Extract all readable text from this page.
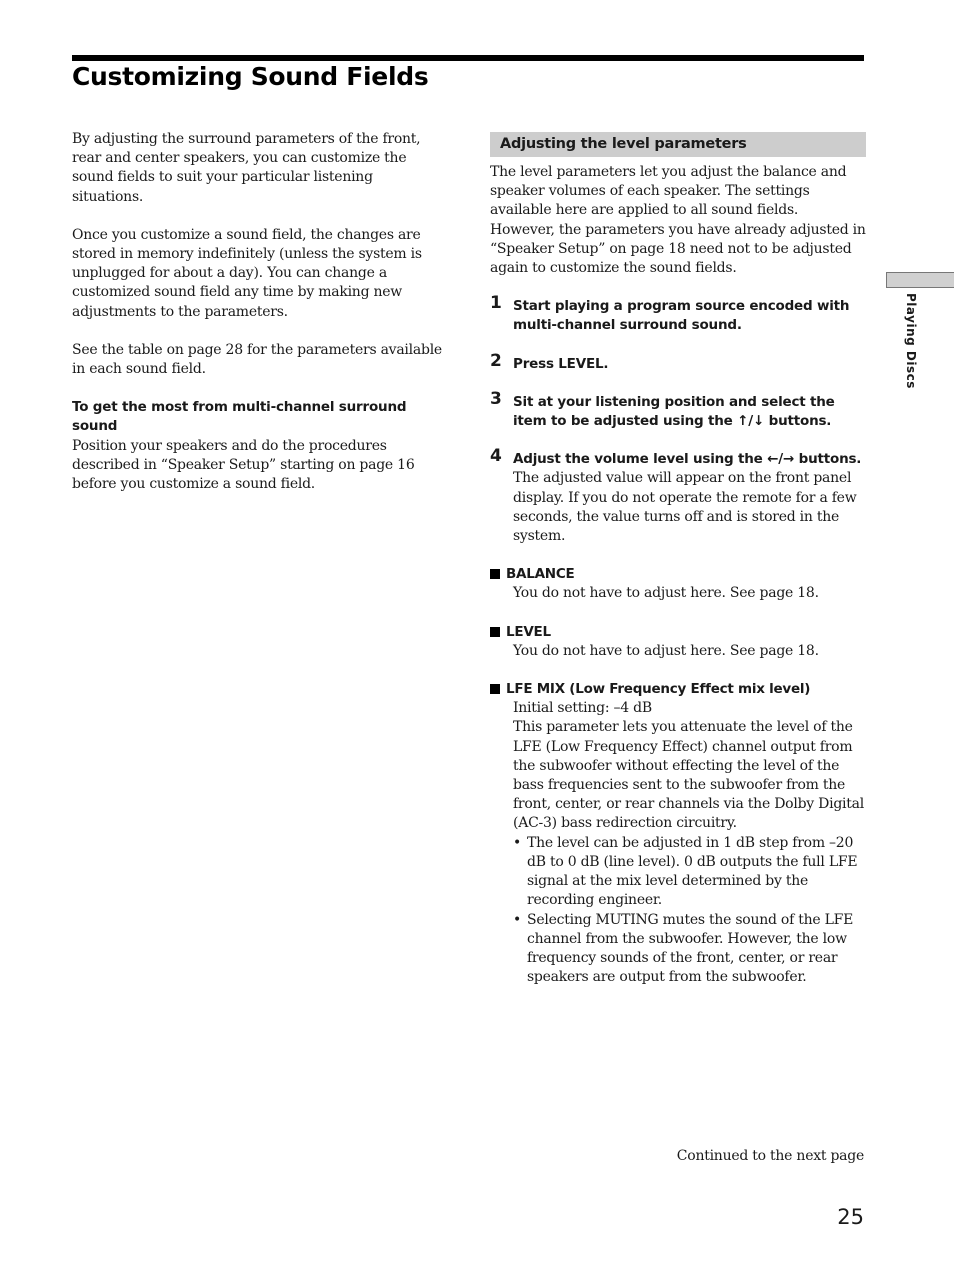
Customizing Sound Fields

By adjusting the surround parameters of the front, rear and center speakers, you can customize the sound fields to suit your particular listening situations.

Once you customize a sound field, the changes are stored in memory indefinitely (unless the system is unplugged for about a day). You can change a customized sound field any time by making new adjustments to the parameters.

See the table on page 28 for the parameters available in each sound field.

To get the most from multi-channel surround sound

Position your speakers and do the procedures described in “Speaker Setup” starting on page 16 before you customize a sound field.

Adjusting the level parameters

The level parameters let you adjust the balance and speaker volumes of each speaker. The settings available here are applied to all sound fields.

However, the parameters you have already adjusted in “Speaker Setup” on page 18 need not to be adjusted again to customize the sound fields.

1 Start playing a program source encoded with multi-channel surround sound.

2 Press LEVEL.

3 Sit at your listening position and select the item to be adjusted using the ↑/↓ buttons.

4 Adjust the volume level using the ←/→ buttons.

The adjusted value will appear on the front panel display. If you do not operate the remote for a few seconds, the value turns off and is stored in the system.

BALANCE

You do not have to adjust here. See page 18.

LEVEL

You do not have to adjust here. See page 18.

LFE MIX (Low Frequency Effect mix level)

Initial setting: –4 dB

This parameter lets you attenuate the level of the LFE (Low Frequency Effect) channel output from the subwoofer without effecting the level of the bass frequencies sent to the subwoofer from the front, center, or rear channels via the Dolby Digital (AC-3) bass redirection circuitry.

• The level can be adjusted in 1 dB step from –20 dB to 0 dB (line level). 0 dB outputs the full LFE signal at the mix level determined by the recording engineer.

• Selecting MUTING mutes the sound of the LFE channel from the subwoofer. However, the low frequency sounds of the front, center, or rear speakers are output from the subwoofer.

Playing Discs
Continued to the next page
25
